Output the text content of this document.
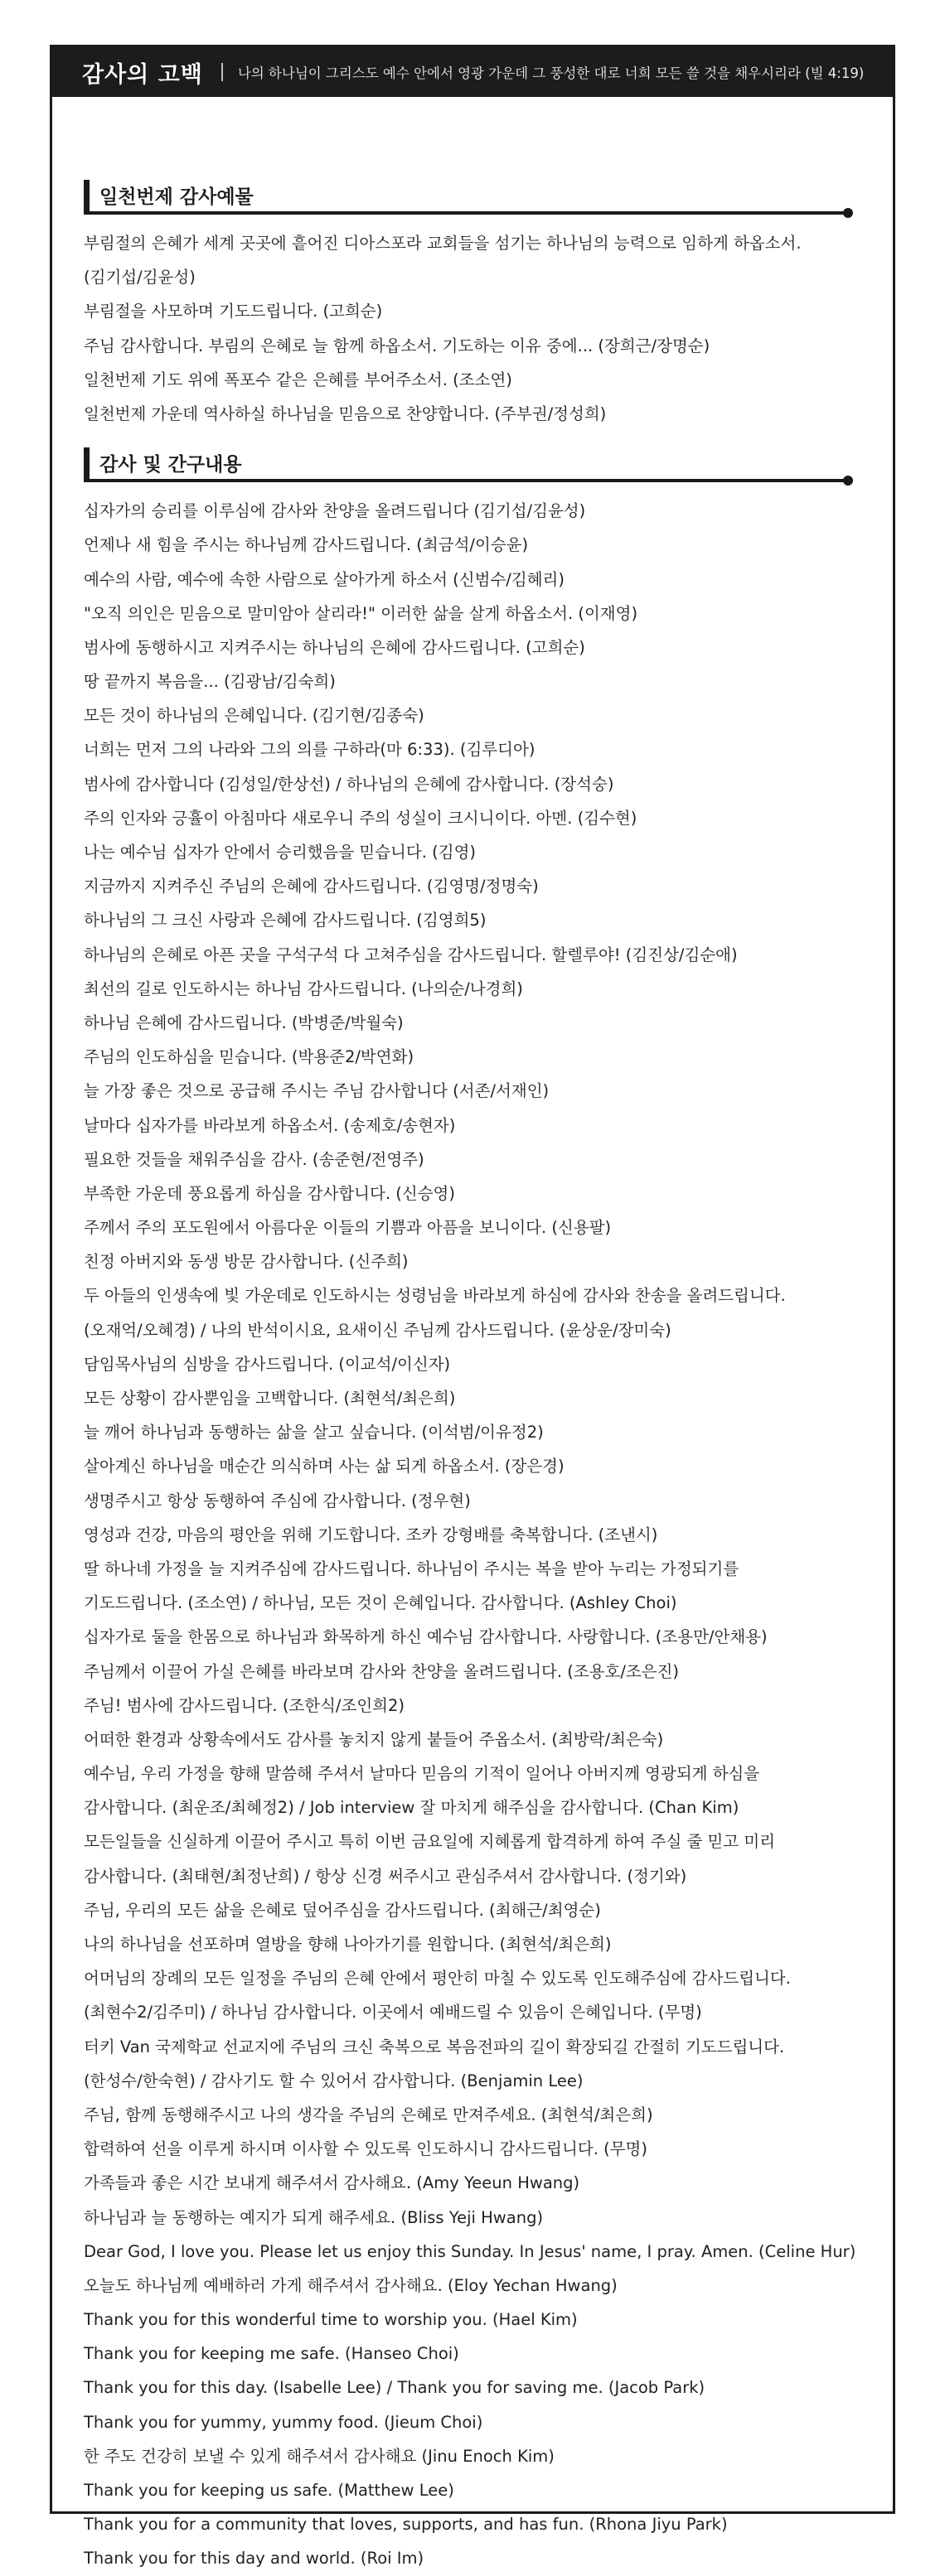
감사의 고백	나의 하나님이 그리스도 예수 안에서 영광 가운데 그 풍성한 대로 너희 모든 쓸 것을 채우시리라 (빌 4:19)
일천번제 감사예물
부림절의 은혜가 세계 곳곳에 흩어진 디아스포라 교회들을 섬기는 하나님의 능력으로 임하게 하옵소서.
(김기섭/김윤성)
부림절을 사모하며 기도드립니다. (고희순)
주님 감사합니다. 부림의 은혜로 늘 함께 하옵소서. 기도하는 이유 중에... (장희근/장명순)
일천번제 기도 위에 폭포수 같은 은혜를 부어주소서. (조소연)
일천번제 가운데 역사하실 하나님을 믿음으로 찬양합니다. (주부권/정성희)
감사 및 간구내용
십자가의 승리를 이루심에 감사와 찬양을 올려드립니다 (김기섭/김윤성)
언제나 새 힘을 주시는 하나님께 감사드립니다. (최금석/이승윤)
예수의 사람, 예수에 속한 사람으로 살아가게 하소서 (신범수/김혜리)
"오직 의인은 믿음으로 말미암아 살리라!" 이러한 삶을 살게 하옵소서. (이재영)
범사에 동행하시고 지켜주시는 하나님의 은혜에 감사드립니다. (고희순)
땅 끝까지 복음을... (김광남/김숙희)
모든 것이 하나님의 은혜입니다. (김기현/김종숙)
너희는 먼저 그의 나라와 그의 의를 구하라(마 6:33). (김루디아)
범사에 감사합니다 (김성일/한상선) / 하나님의 은혜에 감사합니다. (장석숭)
주의 인자와 긍휼이 아침마다 새로우니 주의 성실이 크시니이다. 아멘. (김수현)
나는 예수님 십자가 안에서 승리했음을 믿습니다. (김영)
지금까지 지켜주신 주님의 은혜에 감사드립니다. (김영명/정명숙)
하나님의 그 크신 사랑과 은혜에 감사드립니다. (김영희5)
하나님의 은혜로 아픈 곳을 구석구석 다 고쳐주심을 감사드립니다. 할렐루야! (김진상/김순애)
최선의 길로 인도하시는 하나님 감사드립니다. (나의순/나경희)
하나님 은혜에 감사드립니다. (박병준/박월숙)
주님의 인도하심을 믿습니다. (박용준2/박연화)
늘 가장 좋은 것으로 공급해 주시는 주님 감사합니다 (서존/서재인)
날마다 십자가를 바라보게 하옵소서. (송제호/송현자)
필요한 것들을 채워주심을 감사. (송준현/전영주)
부족한 가운데 풍요롭게 하심을 감사합니다. (신승영)
주께서 주의 포도원에서 아름다운 이들의 기쁨과 아픔을 보니이다. (신용팔)
친정 아버지와 동생 방문 감사합니다. (신주희)
두 아들의 인생속에 빛 가운데로 인도하시는 성령님을 바라보게 하심에 감사와 찬송을 올려드립니다.
(오재억/오혜경) / 나의 반석이시요, 요새이신 주님께 감사드립니다. (윤상운/장미숙)
담임목사님의 심방을 감사드립니다. (이교석/이신자)
모든 상황이 감사뿐임을 고백합니다. (최현석/최은희)
늘 깨어 하나님과 동행하는 삶을 살고 싶습니다. (이석범/이유정2)
살아계신 하나님을 매순간 의식하며 사는 삶 되게 하옵소서. (장은경)
생명주시고 항상 동행하여 주심에 감사합니다. (정우현)
영성과 건강, 마음의 평안을 위해 기도합니다. 조카 강형배를 축복합니다. (조낸시)
딸 하나네 가정을 늘 지켜주심에 감사드립니다. 하나님이 주시는 복을 받아 누리는 가정되기를
기도드립니다. (조소연) / 하나님, 모든 것이 은혜입니다. 감사합니다. (Ashley Choi)
십자가로 둘을 한몸으로 하나님과 화목하게 하신 예수님 감사합니다. 사랑합니다. (조용만/안채용)
주님께서 이끌어 가실 은혜를 바라보며 감사와 찬양을 올려드립니다. (조용호/조은진)
주님! 범사에 감사드립니다. (조한식/조인희2)
어떠한 환경과 상황속에서도 감사를 놓치지 않게 붙들어 주옵소서. (최방락/최은숙)
예수님, 우리 가정을 향해 말씀해 주셔서 날마다 믿음의 기적이 일어나 아버지께 영광되게 하심을
감사합니다. (최운조/최혜정2) / Job interview 잘 마치게 해주심을 감사합니다. (Chan Kim)
모든일들을 신실하게 이끌어 주시고 특히 이번 금요일에 지혜롭게 합격하게 하여 주실 줄 믿고 미리
감사합니다. (최태현/최정난희) / 항상 신경 써주시고 관심주셔서 감사합니다. (정기와)
주님, 우리의 모든 삶을 은혜로 덮어주심을 감사드립니다. (최해근/최영순)
나의 하나님을 선포하며 열방을 향해 나아가기를 원합니다. (최현석/최은희)
어머님의 장례의 모든 일정을 주님의 은혜 안에서 평안히 마칠 수 있도록 인도해주심에 감사드립니다.
(최현수2/김주미) / 하나님 감사합니다. 이곳에서 예배드릴 수 있음이 은혜입니다. (무명)
터키 Van 국제학교 선교지에 주님의 크신 축복으로 복음전파의 길이 확장되길 간절히 기도드립니다.
(한성수/한숙현) / 감사기도 할 수 있어서 감사합니다. (Benjamin Lee)
주님, 함께 동행해주시고 나의 생각을 주님의 은혜로 만져주세요. (최현석/최은희)
합력하여 선을 이루게 하시며 이사할 수 있도록 인도하시니 감사드립니다. (무명)
가족들과 좋은 시간 보내게 해주셔서 감사해요. (Amy Yeeun Hwang)
하나님과 늘 동행하는 예지가 되게 해주세요. (Bliss Yeji Hwang)
Dear God, I love you. Please let us enjoy this Sunday. In Jesus' name, I pray. Amen. (Celine Hur)
오늘도 하나님께 예배하러 가게 해주셔서 감사해요. (Eloy Yechan Hwang)
Thank you for this wonderful time to worship you. (Hael Kim)
Thank you for keeping me safe. (Hanseo Choi)
Thank you for this day. (Isabelle Lee) / Thank you for saving me. (Jacob Park)
Thank you for yummy, yummy food. (Jieum Choi)
한 주도 건강히 보낼 수 있게 해주셔서 감사해요 (Jinu Enoch Kim)
Thank you for keeping us safe. (Matthew Lee)
Thank you for a community that loves, supports, and has fun. (Rhona Jiyu Park)
Thank you for this day and world. (Roi Im)
